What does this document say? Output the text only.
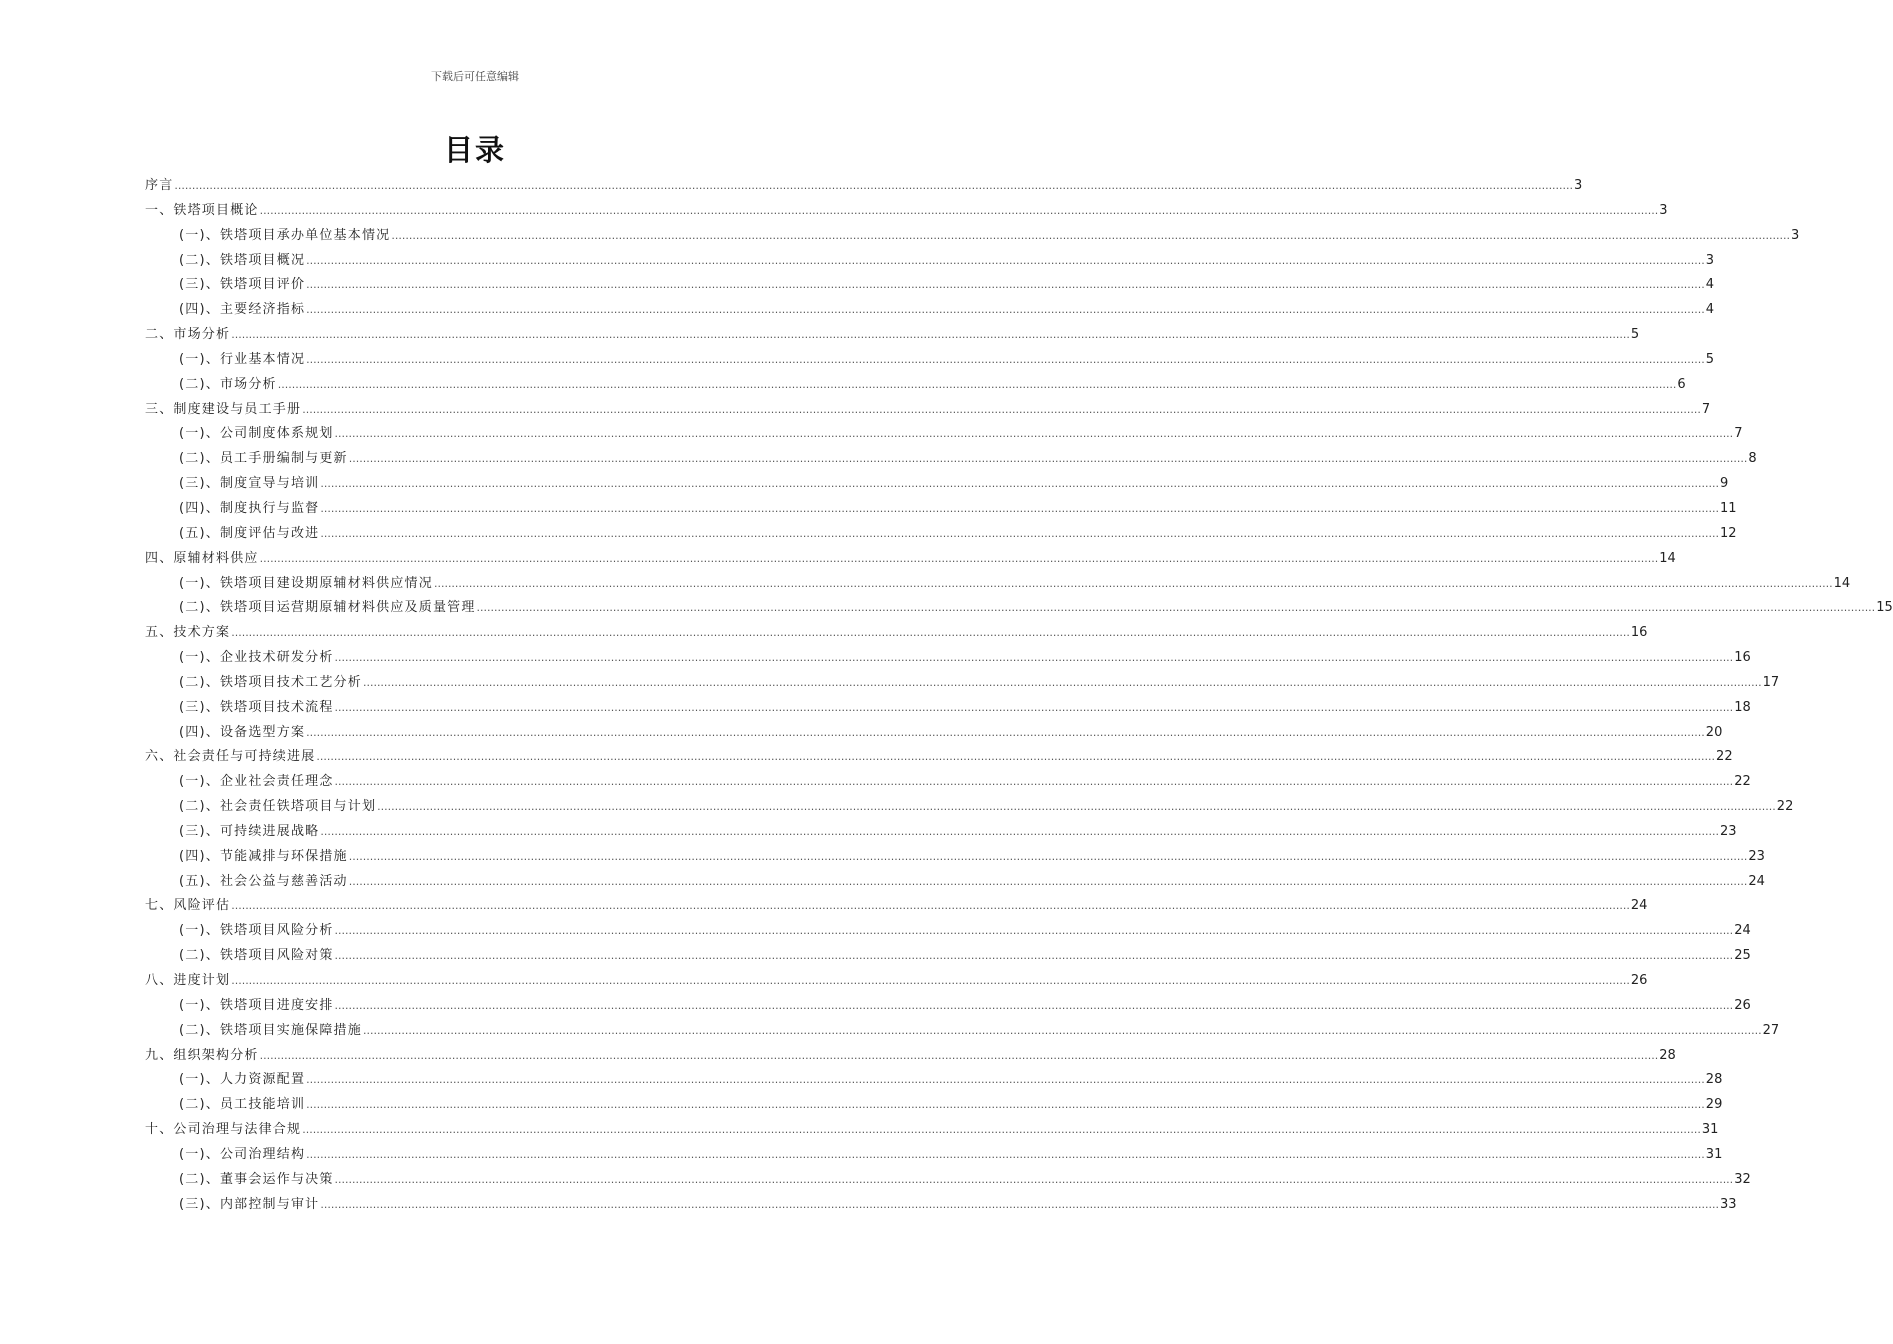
下载后可任意编辑
目录
序言 ................................................................................................................................................................................................................................................................................................................................................................................................................ 3
一、铁塔项目概论 ................................................................................................................................................................................................................................................................................................................................................................................................................ 3
(一)、铁塔项目承办单位基本情况 ................................................................................................................................................................................................................................................................................................................................................................................................................ 3
(二)、铁塔项目概况 ................................................................................................................................................................................................................................................................................................................................................................................................................ 3
(三)、铁塔项目评价 ................................................................................................................................................................................................................................................................................................................................................................................................................ 4
(四)、主要经济指标 ................................................................................................................................................................................................................................................................................................................................................................................................................ 4
二、市场分析 ................................................................................................................................................................................................................................................................................................................................................................................................................ 5
(一)、行业基本情况 ................................................................................................................................................................................................................................................................................................................................................................................................................ 5
(二)、市场分析 ................................................................................................................................................................................................................................................................................................................................................................................................................ 6
三、制度建设与员工手册 ................................................................................................................................................................................................................................................................................................................................................................................................................ 7
(一)、公司制度体系规划 ................................................................................................................................................................................................................................................................................................................................................................................................................ 7
(二)、员工手册编制与更新 ................................................................................................................................................................................................................................................................................................................................................................................................................ 8
(三)、制度宣导与培训 ................................................................................................................................................................................................................................................................................................................................................................................................................ 9
(四)、制度执行与监督 ................................................................................................................................................................................................................................................................................................................................................................................................................ 11
(五)、制度评估与改进 ................................................................................................................................................................................................................................................................................................................................................................................................................ 12
四、原辅材料供应 ................................................................................................................................................................................................................................................................................................................................................................................................................ 14
(一)、铁塔项目建设期原辅材料供应情况 ................................................................................................................................................................................................................................................................................................................................................................................................................ 14
(二)、铁塔项目运营期原辅材料供应及质量管理 ................................................................................................................................................................................................................................................................................................................................................................................................................ 15
五、技术方案 ................................................................................................................................................................................................................................................................................................................................................................................................................ 16
(一)、企业技术研发分析 ................................................................................................................................................................................................................................................................................................................................................................................................................ 16
(二)、铁塔项目技术工艺分析 ................................................................................................................................................................................................................................................................................................................................................................................................................ 17
(三)、铁塔项目技术流程 ................................................................................................................................................................................................................................................................................................................................................................................................................ 18
(四)、设备选型方案 ................................................................................................................................................................................................................................................................................................................................................................................................................ 20
六、社会责任与可持续进展 ................................................................................................................................................................................................................................................................................................................................................................................................................ 22
(一)、企业社会责任理念 ................................................................................................................................................................................................................................................................................................................................................................................................................ 22
(二)、社会责任铁塔项目与计划 ................................................................................................................................................................................................................................................................................................................................................................................................................ 22
(三)、可持续进展战略 ................................................................................................................................................................................................................................................................................................................................................................................................................ 23
(四)、节能减排与环保措施 ................................................................................................................................................................................................................................................................................................................................................................................................................ 23
(五)、社会公益与慈善活动 ................................................................................................................................................................................................................................................................................................................................................................................................................ 24
七、风险评估 ................................................................................................................................................................................................................................................................................................................................................................................................................ 24
(一)、铁塔项目风险分析 ................................................................................................................................................................................................................................................................................................................................................................................................................ 24
(二)、铁塔项目风险对策 ................................................................................................................................................................................................................................................................................................................................................................................................................ 25
八、进度计划 ................................................................................................................................................................................................................................................................................................................................................................................................................ 26
(一)、铁塔项目进度安排 ................................................................................................................................................................................................................................................................................................................................................................................................................ 26
(二)、铁塔项目实施保障措施 ................................................................................................................................................................................................................................................................................................................................................................................................................ 27
九、组织架构分析 ................................................................................................................................................................................................................................................................................................................................................................................................................ 28
(一)、人力资源配置 ................................................................................................................................................................................................................................................................................................................................................................................................................ 28
(二)、员工技能培训 ................................................................................................................................................................................................................................................................................................................................................................................................................ 29
十、公司治理与法律合规 ................................................................................................................................................................................................................................................................................................................................................................................................................ 31
(一)、公司治理结构 ................................................................................................................................................................................................................................................................................................................................................................................................................ 31
(二)、董事会运作与决策 ................................................................................................................................................................................................................................................................................................................................................................................................................ 32
(三)、内部控制与审计 ................................................................................................................................................................................................................................................................................................................................................................................................................ 33
